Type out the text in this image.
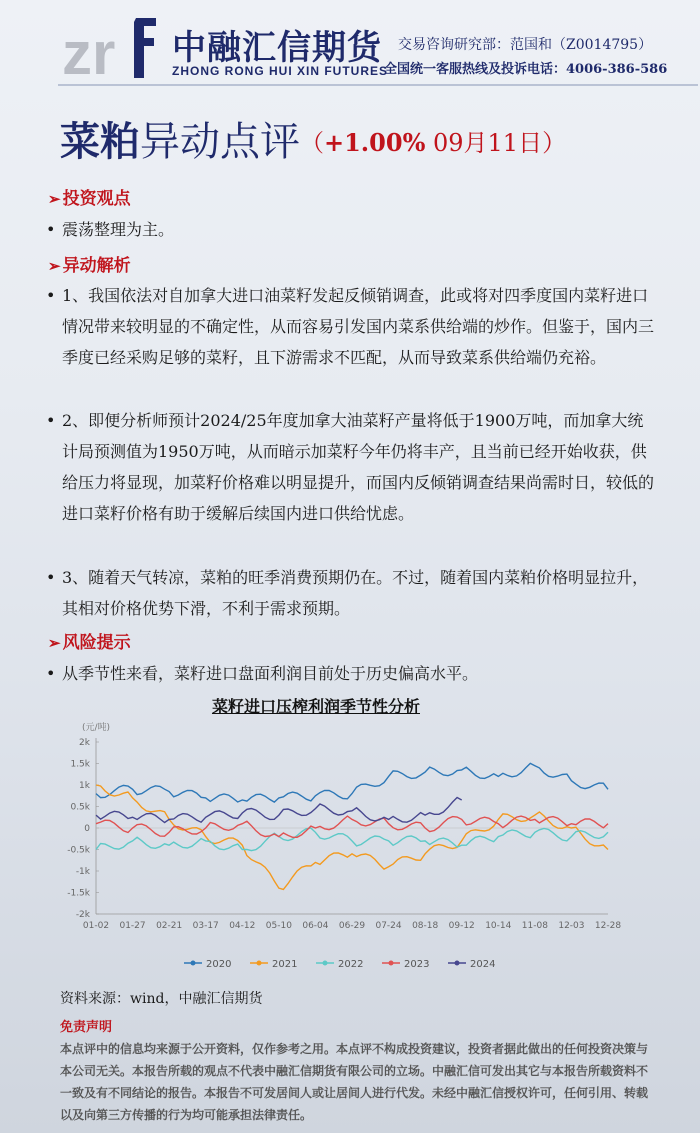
zr 中融汇信期货
ZHONG RONG HUI XIN FUTURES
交易咨询研究部：范国和（Z0014795）
全国统一客服热线及投诉电话：4006-386-586
菜粕异动点评（+1.00% 09月11日）
➢ 投资观点
• 震荡整理为主。
➢ 异动解析
• 1、我国依法对自加拿大进口油菜籽发起反倾销调查，此或将对四季度国内菜籽进口情况带来较明显的不确定性，从而容易引发国内菜系供给端的炒作。但鉴于，国内三季度已经采购足够的菜籽，且下游需求不匹配，从而导致菜系供给端仍充裕。
• 2、即便分析师预计2024/25年度加拿大油菜籽产量将低于1900万吨，而加拿大统计局预测值为1950万吨，从而暗示加菜籽今年仍将丰产，且当前已经开始收获，供给压力将显现，加菜籽价格难以明显提升，而国内反倾销调查结果尚需时日，较低的进口菜籽价格有助于缓解后续国内进口供给忧虑。
• 3、随着天气转凉，菜粕的旺季消费预期仍在。不过，随着国内菜粕价格明显拉升，其相对价格优势下滑，不利于需求预期。
➢ 风险提示
• 从季节性来看，菜籽进口盘面利润目前处于历史偏高水平。
菜籽进口压榨利润季节性分析
(元/吨)
2k
1.5k
1k
0.5k
0
-0.5k
-1k
-1.5k
-2k
01-02 01-27 02-21 03-17 04-12 05-10 06-04 06-29 07-24 08-18 09-12 10-14 11-08 12-03 12-28
2020	2021	2022	2023	2024
资料来源：wind，中融汇信期货
免责声明
本点评中的信息均来源于公开资料，仅作参考之用。本点评不构成投资建议，投资者据此做出的任何投资决策与本公司无关。本报告所载的观点不代表中融汇信期货有限公司的立场。中融汇信可发出其它与本报告所载资料不一致及有不同结论的报告。本报告不可发居间人或让居间人进行代发。未经中融汇信授权许可，任何引用、转载以及向第三方传播的行为均可能承担法律责任。
